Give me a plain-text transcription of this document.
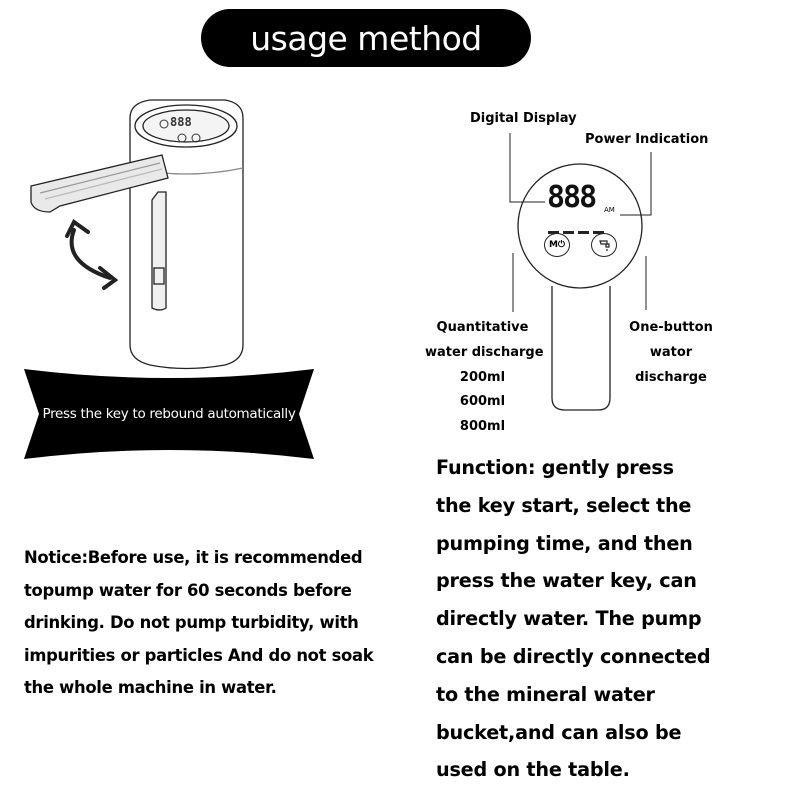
usage method
888
888	AM
M⏻
Digital Display
Power Indication
Quantitative
water discharge
200ml
600ml
800ml
One-button
wator
discharge
Press the key to rebound automatically

Notice:Before use, it is recommended

topump water for 60 seconds before

drinking. Do not pump turbidity, with

impurities or particles And do not soak

the whole machine in water.

Function: gently press

the key start, select the

pumping time, and then

press the water key, can

directly water. The pump

can be directly connected

to the mineral water

bucket,and can also be

used on the table.
